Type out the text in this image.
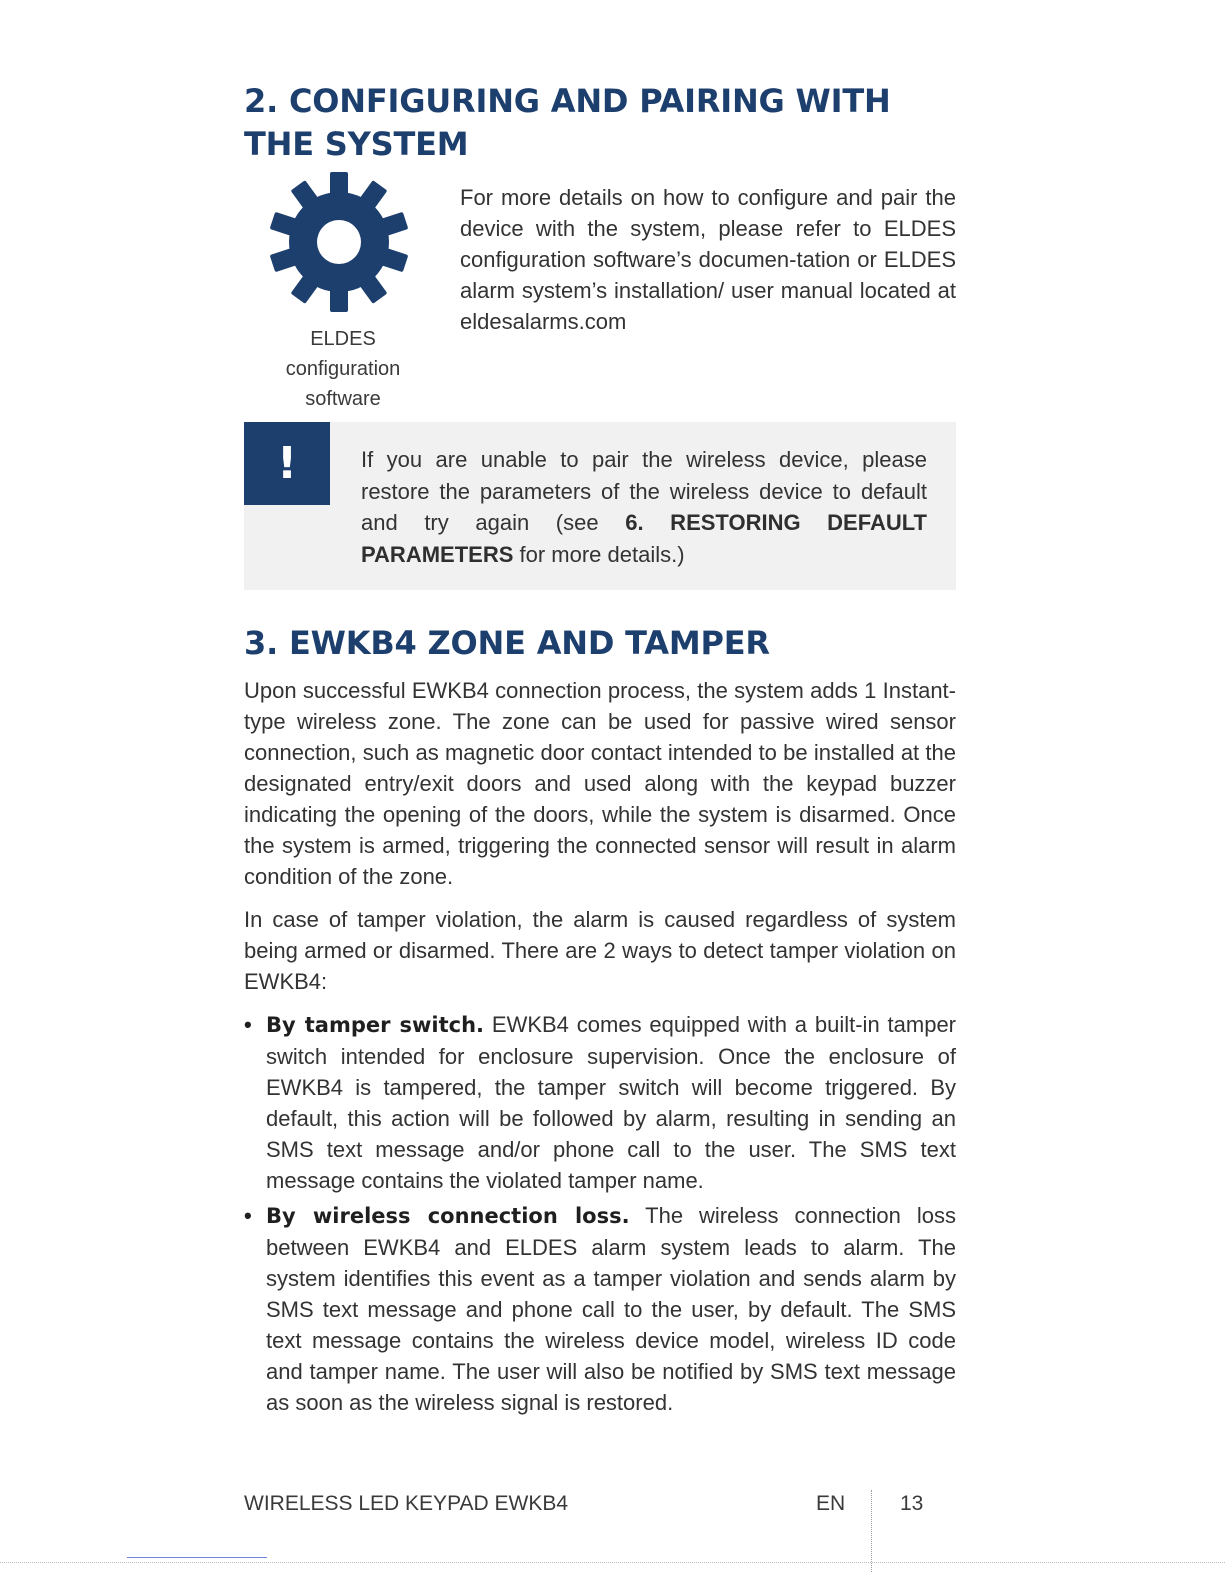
2. CONFIGURING AND PAIRING WITH THE SYSTEM
ELDES
configuration
software
For more details on how to configure and pair the device with the system, please refer to ELDES configuration software’s documen-tation or ELDES alarm system’s installation/ user manual located at eldesalarms.com
!	If you are unable to pair the wireless device, please restore the parameters of the wireless device to default and try again (see 6. RESTORING DEFAULT PARAMETERS for more details.)
3. EWKB4 ZONE AND TAMPER

Upon successful EWKB4 connection process, the system adds 1 Instant-type wireless zone. The zone can be used for passive wired sensor connection, such as magnetic door contact intended to be installed at the designated entry/exit doors and used along with the keypad buzzer indicating the opening of the doors, while the system is disarmed. Once the system is armed, triggering the connected sensor will result in alarm condition of the zone.

In case of tamper violation, the alarm is caused regardless of system being armed or disarmed. There are 2 ways to detect tamper violation on EWKB4:

• By tamper switch. EWKB4 comes equipped with a built-in tamper switch intended for enclosure supervision. Once the enclosure of EWKB4 is tampered, the tamper switch will become triggered. By default, this action will be followed by alarm, resulting in sending an SMS text message and/or phone call to the user. The SMS text message contains the violated tamper name.
• By wireless connection loss. The wireless connection loss between EWKB4 and ELDES alarm system leads to alarm. The system identifies this event as a tamper violation and sends alarm by SMS text message and phone call to the user, by default. The SMS text message contains the wireless device model, wireless ID code and tamper name. The user will also be notified by SMS text message as soon as the wireless signal is restored.
WIRELESS LED KEYPAD EWKB4	EN	13
